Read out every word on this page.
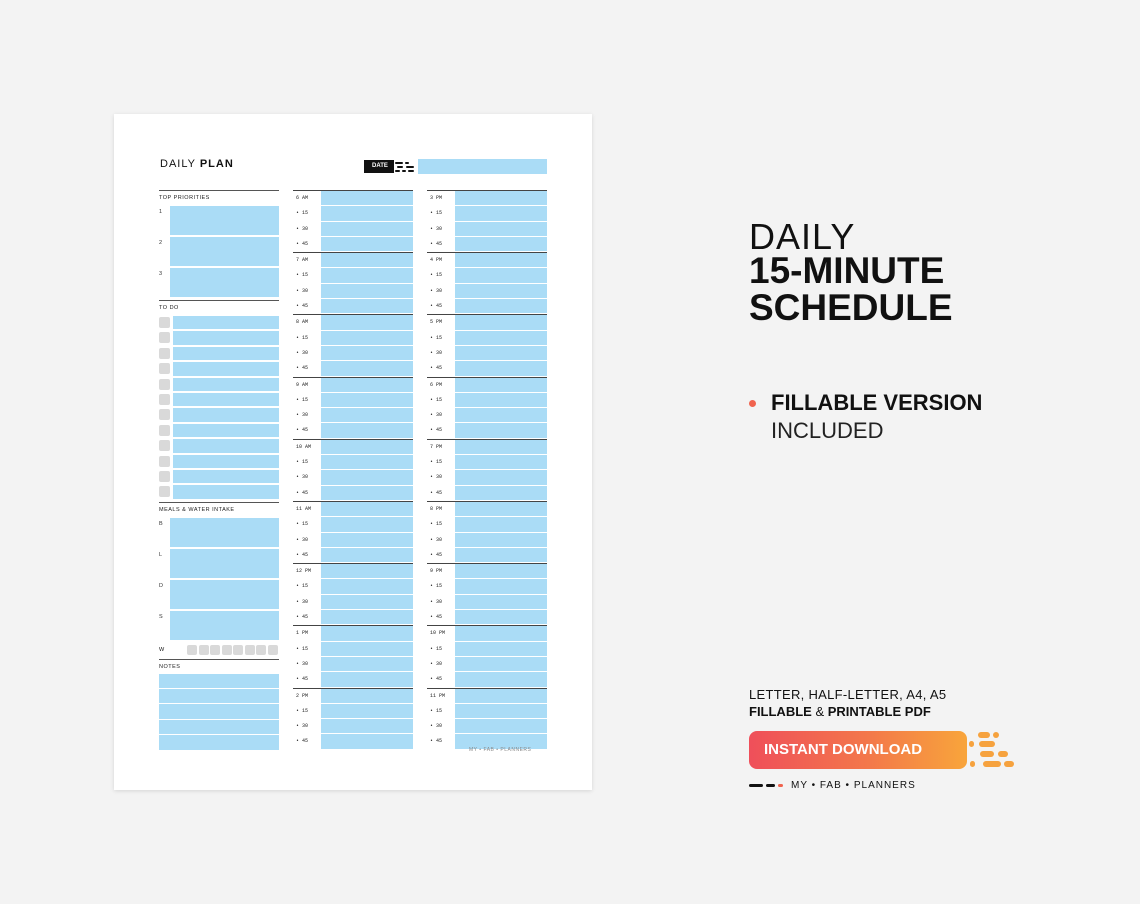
DAILY PLAN	DATE
TOP PRIORITIES
1
2
3
TO DO
MEALS & WATER INTAKE
B
L
D
S
W
NOTES
6 AM
• 15
• 30
• 45
7 AM
• 15
• 30
• 45
8 AM
• 15
• 30
• 45
9 AM
• 15
• 30
• 45
10 AM
• 15
• 30
• 45
11 AM
• 15
• 30
• 45
12 PM
• 15
• 30
• 45
1 PM
• 15
• 30
• 45
2 PM
• 15
• 30
• 45
3 PM
• 15
• 30
• 45
4 PM
• 15
• 30
• 45
5 PM
• 15
• 30
• 45
6 PM
• 15
• 30
• 45
7 PM
• 15
• 30
• 45
8 PM
• 15
• 30
• 45
9 PM
• 15
• 30
• 45
10 PM
• 15
• 30
• 45
11 PM
• 15
• 30
• 45
MY • FAB • PLANNERS
DAILY
15-MINUTE
SCHEDULE
FILLABLE VERSION
INCLUDED
LETTER, HALF-LETTER, A4, A5
FILLABLE & PRINTABLE PDF
INSTANT DOWNLOAD
MY • FAB • PLANNERS
